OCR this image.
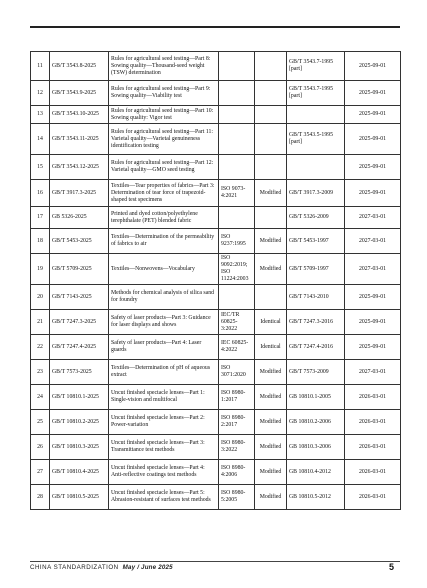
11	GB/T 3543.8-2025	Rules for agricultural seed testing—Part 8: Sowing quality—Thousand-seed weight (TSW) determination			GB/T 3543.7-1995 [part]	2025-09-01
12	GB/T 3543.9-2025	Rules for agricultural seed testing—Part 9: Sowing quality—Viability test			GB/T 3543.7-1995 [part]	2025-09-01
13	GB/T 3543.10-2025	Rules for agricultural seed testing—Part 10: Sowing quality: Vigor test				2025-09-01
14	GB/T 3543.11-2025	Rules for agricultural seed testing—Part 11: Varietal quality—Varietal genuineness identification testing			GB/T 3543.5-1995 [part]	2025-09-01
15	GB/T 3543.12-2025	Rules for agricultural seed testing—Part 12: Varietal quality—GMO seed testing				2025-09-01
16	GB/T 3917.3-2025	Textiles—Tear properties of fabrics—Part 3: Determination of tear force of trapezoid-shaped test specimens	ISO 9073-4:2021	Modified	GB/T 3917.3-2009	2025-09-01
17	GB 5326-2025	Printed and dyed cotton/polyethylene terephthalate (PET) blended fabric			GB/T 5326-2009	2027-03-01
18	GB/T 5453-2025	Textiles—Determination of the permeability of fabrics to air	ISO 9237:1995	Modified	GB/T 5453-1997	2027-03-01
19	GB/T 5709-2025	Textiles—Nonwovens—Vocabulary	ISO 9092:2019; ISO 11224:2003	Modified	GB/T 5709-1997	2027-03-01
20	GB/T 7143-2025	Methods for chemical analysis of silica sand for foundry			GB/T 7143-2010	2025-09-01
21	GB/T 7247.3-2025	Safety of laser products—Part 3: Guidance for laser displays and shows	IEC/TR 60825-3:2022	Identical	GB/T 7247.3-2016	2025-09-01
22	GB/T 7247.4-2025	Safety of laser products—Part 4: Laser guards	IEC 60825-4:2022	Identical	GB/T 7247.4-2016	2025-09-01
23	GB/T 7573-2025	Textiles—Determination of pH of aqueous extract	ISO 3071:2020	Modified	GB/T 7573-2009	2027-03-01
24	GB/T 10810.1-2025	Uncut finished spectacle lenses—Part 1: Single-vision and multifocal	ISO 8980-1:2017	Modified	GB 10810.1-2005	2026-03-01
25	GB/T 10810.2-2025	Uncut finished spectacle lenses—Part 2: Power-variation	ISO 8980-2:2017	Modified	GB 10810.2-2006	2026-03-01
26	GB/T 10810.3-2025	Uncut finished spectacle lenses—Part 3: Transmittance test methods	ISO 8980-3:2022	Modified	GB 10810.3-2006	2026-03-01
27	GB/T 10810.4-2025	Uncut finished spectacle lenses—Part 4: Anti-reflective coatings test methods	ISO 8980-4:2006	Modified	GB 10810.4-2012	2026-03-01
28	GB/T 10810.5-2025	Uncut finished spectacle lenses—Part 5: Abrasion-resistant of surfaces test methods	ISO 8980-5:2005	Modified	GB 10810.5-2012	2026-03-01
CHINA STANDARDIZATION May / June 2025	5
